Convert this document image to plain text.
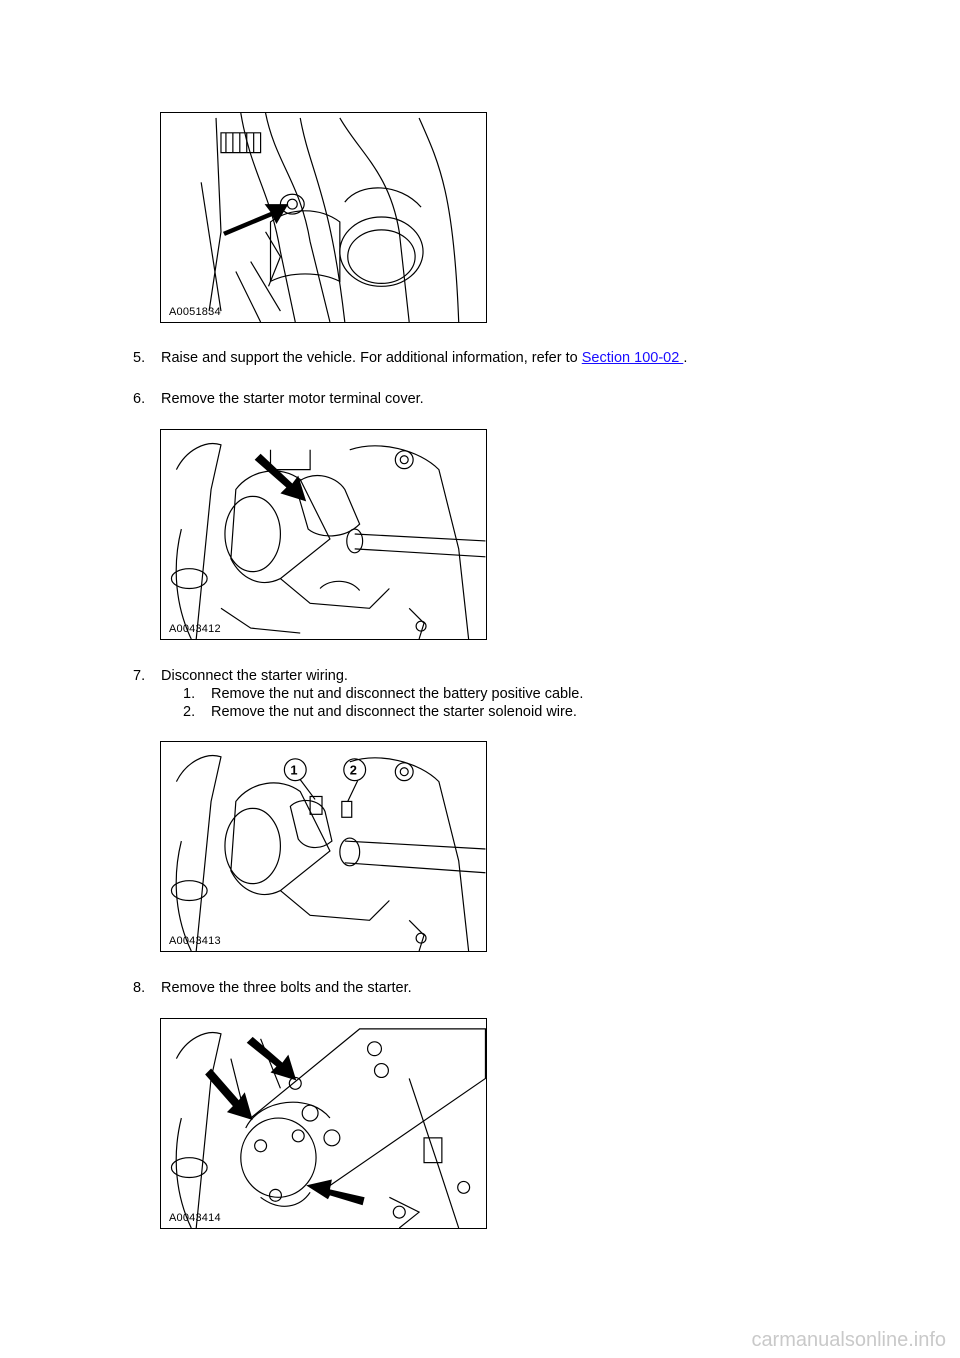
A0051834
5. Raise and support the vehicle. For additional information, refer to Section 100-02 .
6. Remove the starter motor terminal cover.
A0043412
7. Disconnect the starter wiring.
1. Remove the nut and disconnect the battery positive cable.
2. Remove the nut and disconnect the starter solenoid wire.
1	2
A0043413
8. Remove the three bolts and the starter.
A0043414
carmanualsonline.info
